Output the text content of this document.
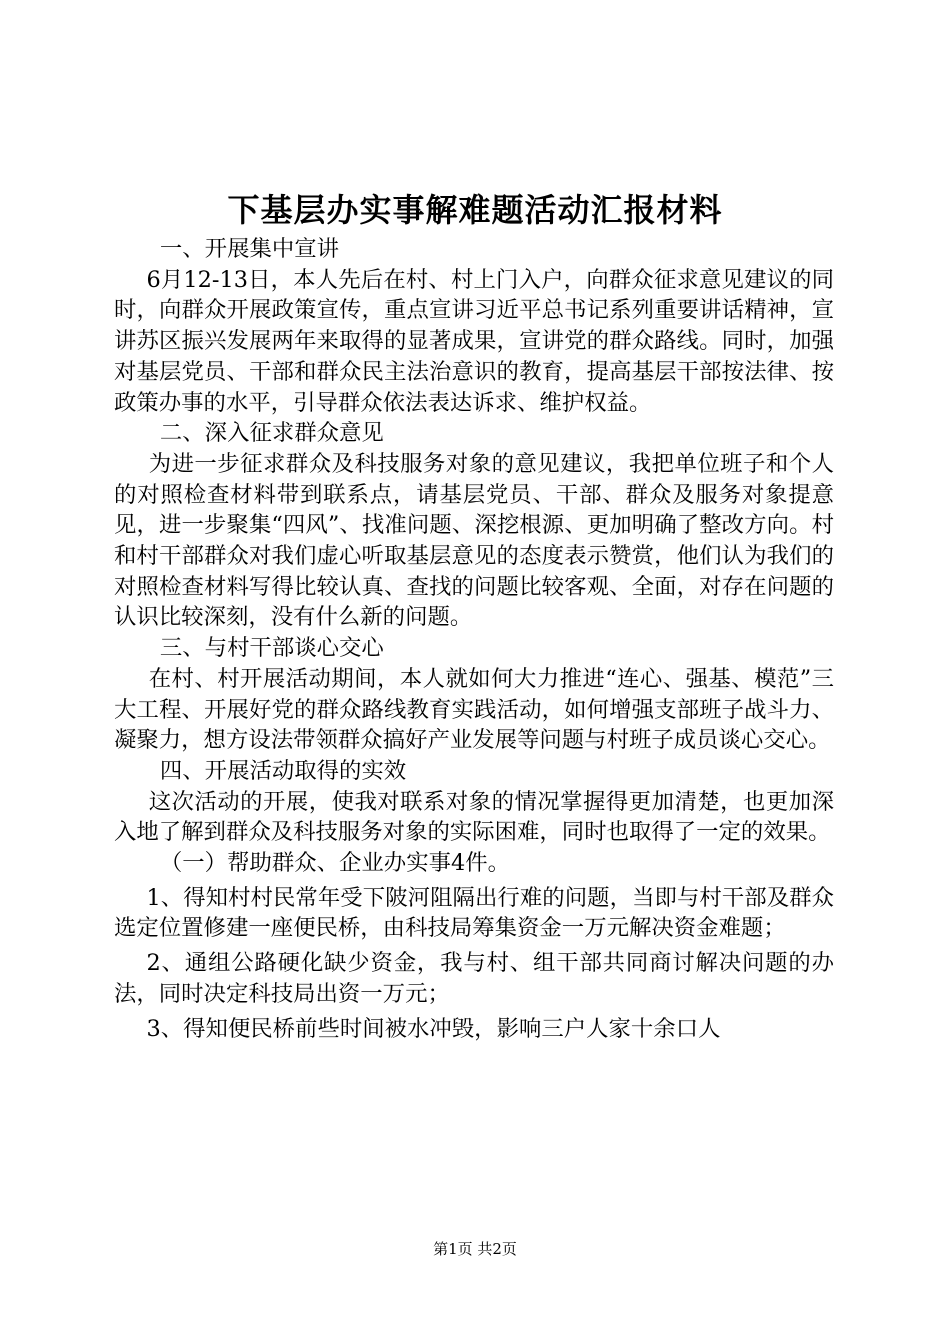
下基层办实事解难题活动汇报材料

一、开展集中宣讲

6月12-13日，本人先后在村、村上门入户，向群众征求意见建议的同时，向群众开展政策宣传，重点宣讲习近平总书记系列重要讲话精神，宣讲苏区振兴发展两年来取得的显著成果，宣讲党的群众路线。同时，加强对基层党员、干部和群众民主法治意识的教育，提高基层干部按法律、按政策办事的水平，引导群众依法表达诉求、维护权益。

二、深入征求群众意见

为进一步征求群众及科技服务对象的意见建议，我把单位班子和个人的对照检查材料带到联系点，请基层党员、干部、群众及服务对象提意见，进一步聚集“四风”、找准问题、深挖根源、更加明确了整改方向。村和村干部群众对我们虚心听取基层意见的态度表示赞赏，他们认为我们的对照检查材料写得比较认真、查找的问题比较客观、全面，对存在问题的认识比较深刻，没有什么新的问题。

三、与村干部谈心交心

在村、村开展活动期间，本人就如何大力推进“连心、强基、模范”三大工程、开展好党的群众路线教育实践活动，如何增强支部班子战斗力、凝聚力，想方设法带领群众搞好产业发展等问题与村班子成员谈心交心。

四、开展活动取得的实效

这次活动的开展，使我对联系对象的情况掌握得更加清楚，也更加深入地了解到群众及科技服务对象的实际困难，同时也取得了一定的效果。

（一）帮助群众、企业办实事4件。

1、得知村村民常年受下陂河阻隔出行难的问题，当即与村干部及群众选定位置修建一座便民桥，由科技局筹集资金一万元解决资金难题；

2、通组公路硬化缺少资金，我与村、组干部共同商讨解决问题的办法，同时决定科技局出资一万元；

3、得知便民桥前些时间被水冲毁，影响三户人家十余口人

第1页 共2页
